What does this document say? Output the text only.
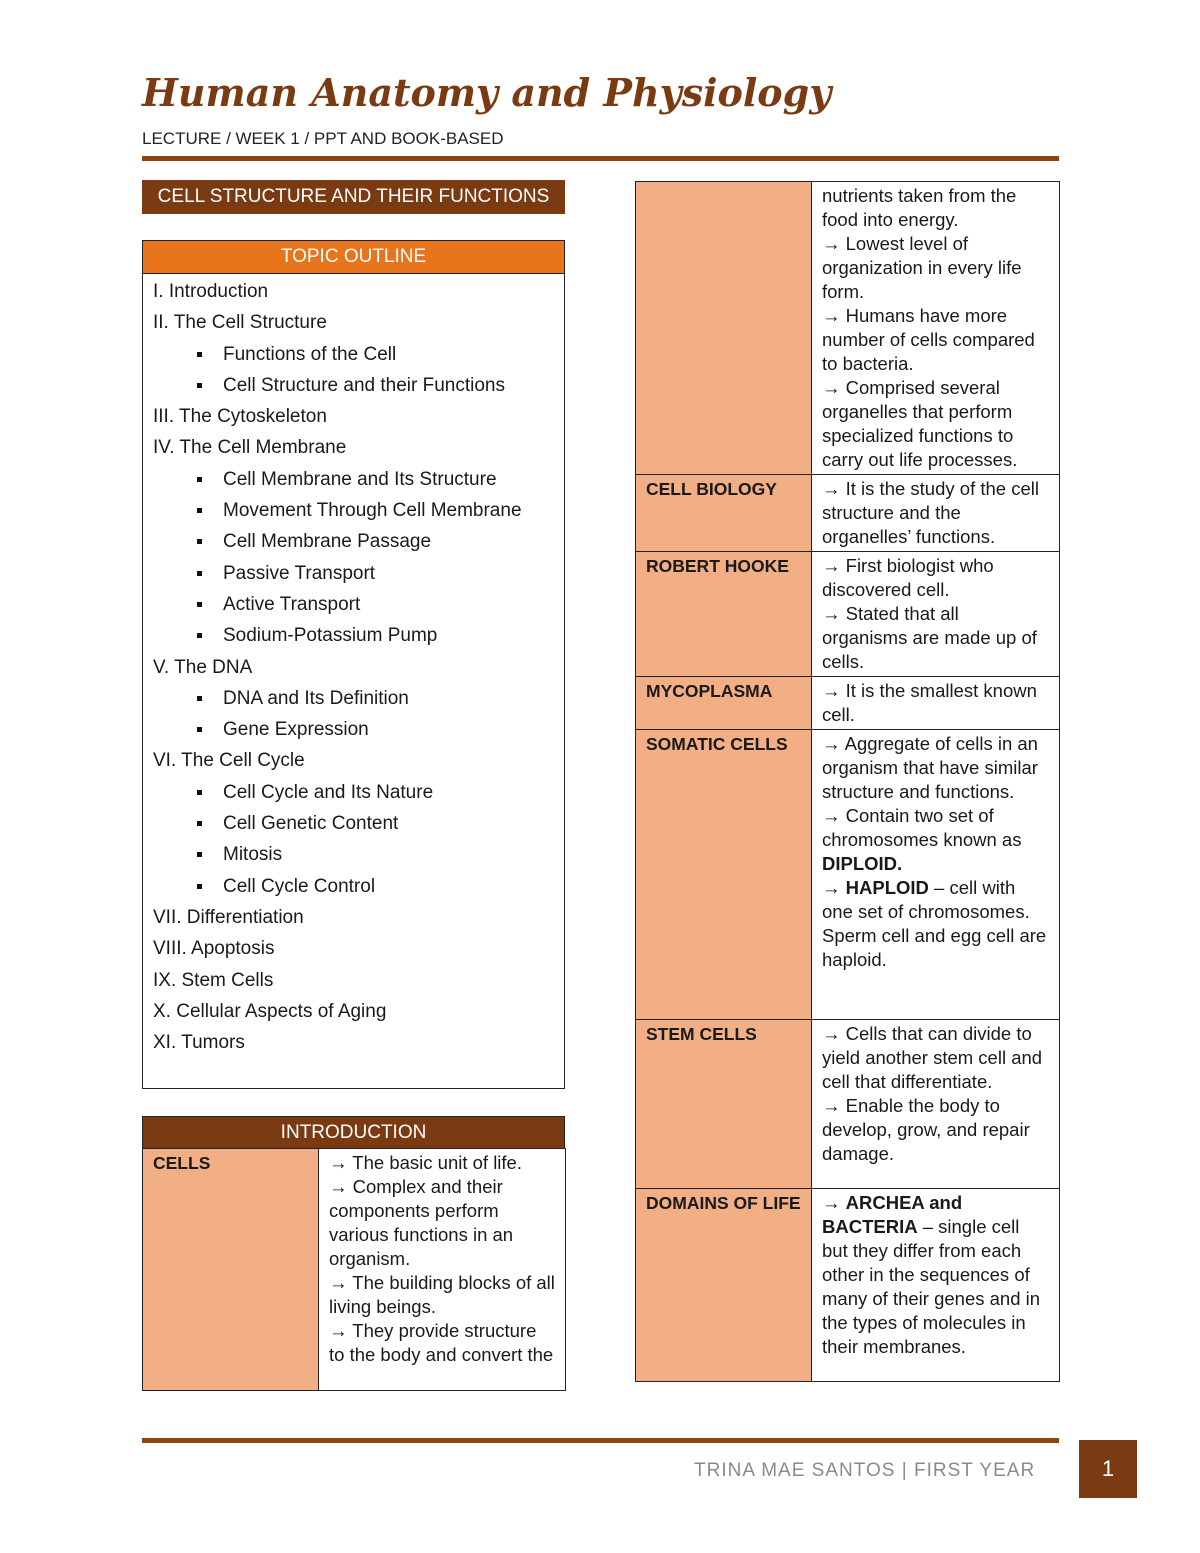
Human Anatomy and Physiology
LECTURE / WEEK 1 / PPT AND BOOK-BASED
CELL STRUCTURE AND THEIR FUNCTIONS
TOPIC OUTLINE
I. Introduction
II. The Cell Structure
Functions of the Cell
Cell Structure and their Functions
III. The Cytoskeleton
IV. The Cell Membrane
Cell Membrane and Its Structure
Movement Through Cell Membrane
Cell Membrane Passage
Passive Transport
Active Transport
Sodium-Potassium Pump
V. The DNA
DNA and Its Definition
Gene Expression
VI. The Cell Cycle
Cell Cycle and Its Nature
Cell Genetic Content
Mitosis
Cell Cycle Control
VII. Differentiation
VIII. Apoptosis
IX. Stem Cells
X. Cellular Aspects of Aging
XI. Tumors
INTRODUCTION
CELLS	→ The basic unit of life.
→ Complex and their components perform various functions in an organism.
→ The building blocks of all living beings.
→ They provide structure to the body and convert the

	nutrients taken from the food into energy.
→ Lowest level of organization in every life form.
→ Humans have more number of cells compared to bacteria.
→ Comprised several organelles that perform specialized functions to carry out life processes.

CELL BIOLOGY	→ It is the study of the cell structure and the organelles’ functions.

ROBERT HOOKE	→ First biologist who discovered cell.
→ Stated that all organisms are made up of cells.

MYCOPLASMA	→ It is the smallest known cell.

SOMATIC CELLS	→ Aggregate of cells in an organism that have similar structure and functions.
→ Contain two set of chromosomes known as DIPLOID.
→ HAPLOID – cell with one set of chromosomes. Sperm cell and egg cell are haploid.

STEM CELLS	→ Cells that can divide to yield another stem cell and cell that differentiate.
→ Enable the body to develop, grow, and repair damage.

DOMAINS OF LIFE	→ ARCHEA and BACTERIA – single cell but they differ from each other in the sequences of many of their genes and in the types of molecules in their membranes.
TRINA MAE SANTOS | FIRST YEAR	1
